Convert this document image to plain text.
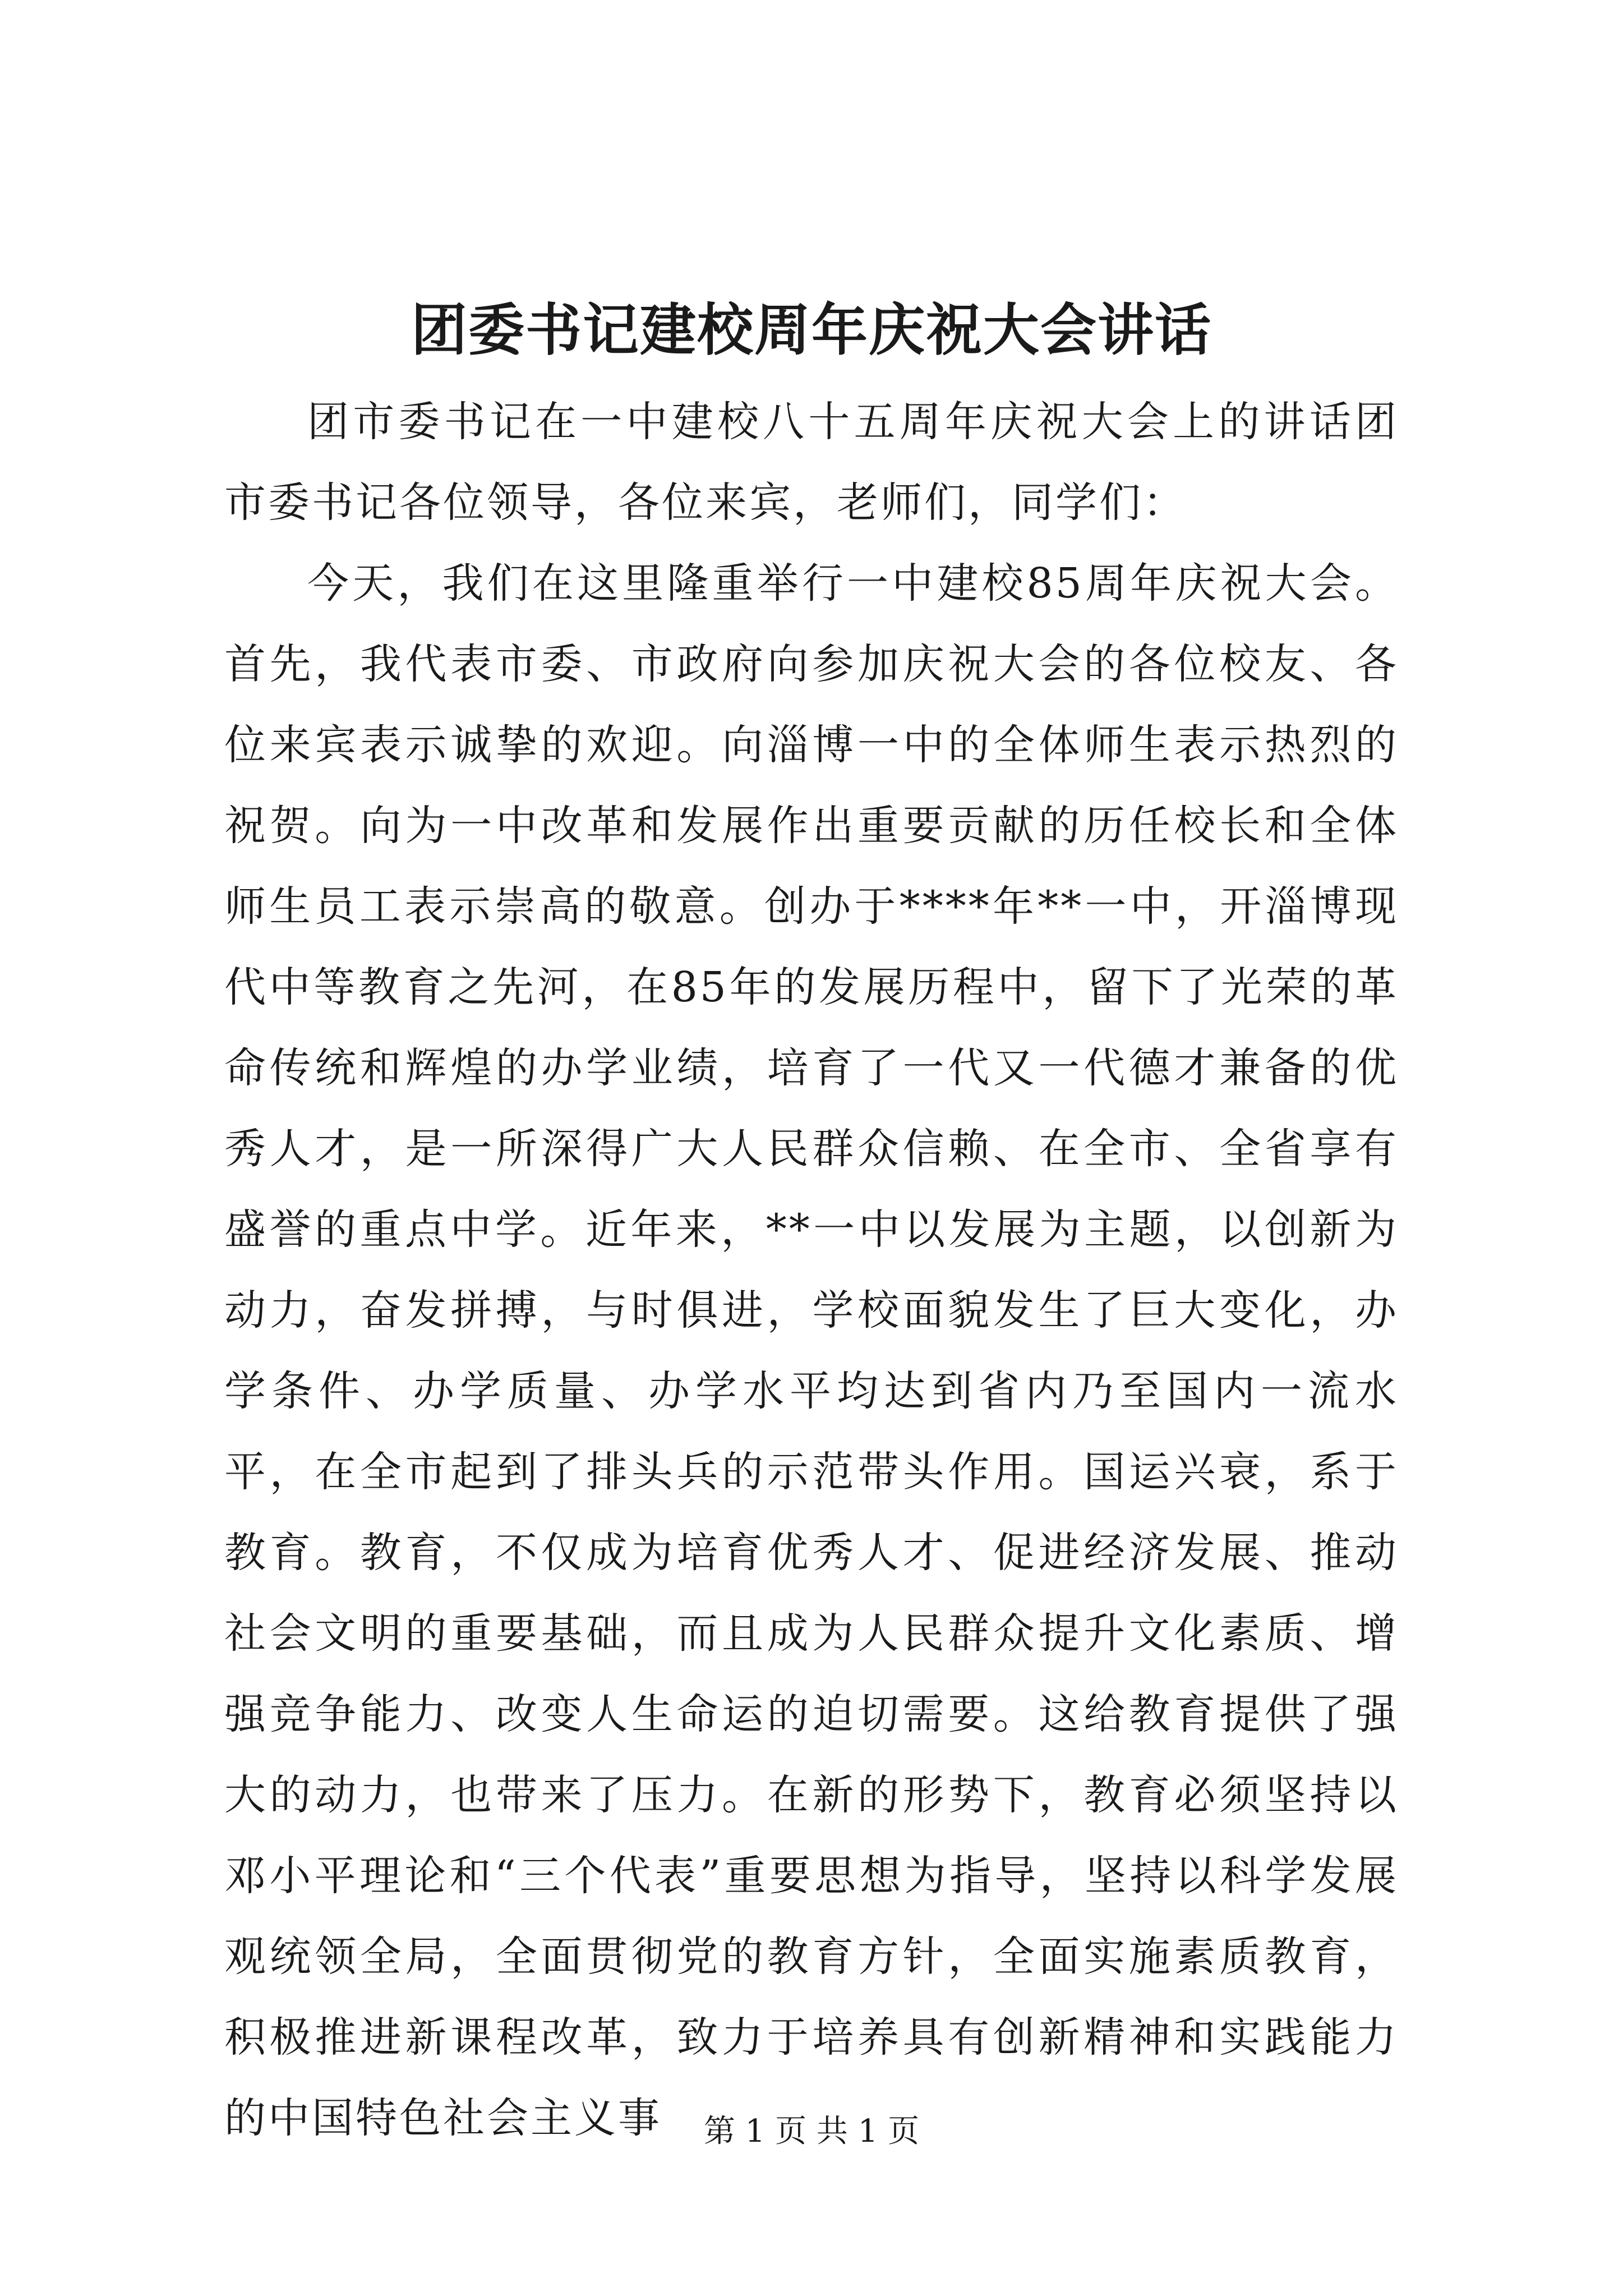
团委书记建校周年庆祝大会讲话

团市委书记在一中建校八十五周年庆祝大会上的讲话团市委书记各位领导，各位来宾，老师们，同学们：

今天，我们在这里隆重举行一中建校85周年庆祝大会。首先，我代表市委、市政府向参加庆祝大会的各位校友、各位来宾表示诚挚的欢迎。向淄博一中的全体师生表示热烈的祝贺。向为一中改革和发展作出重要贡献的历任校长和全体师生员工表示崇高的敬意。创办于****年**一中，开淄博现代中等教育之先河，在85年的发展历程中，留下了光荣的革命传统和辉煌的办学业绩，培育了一代又一代德才兼备的优秀人才，是一所深得广大人民群众信赖、在全市、全省享有盛誉的重点中学。近年来，**一中以发展为主题，以创新为动力，奋发拼搏，与时俱进，学校面貌发生了巨大变化，办学条件、办学质量、办学水平均达到省内乃至国内一流水平，在全市起到了排头兵的示范带头作用。国运兴衰，系于教育。教育，不仅成为培育优秀人才、促进经济发展、推动社会文明的重要基础，而且成为人民群众提升文化素质、增强竞争能力、改变人生命运的迫切需要。这给教育提供了强大的动力，也带来了压力。在新的形势下，教育必须坚持以邓小平理论和“三个代表”重要思想为指导，坚持以科学发展观统领全局，全面贯彻党的教育方针，全面实施素质教育，积极推进新课程改革，致力于培养具有创新精神和实践能力的中国特色社会主义事	第 1 页 共 1 页
